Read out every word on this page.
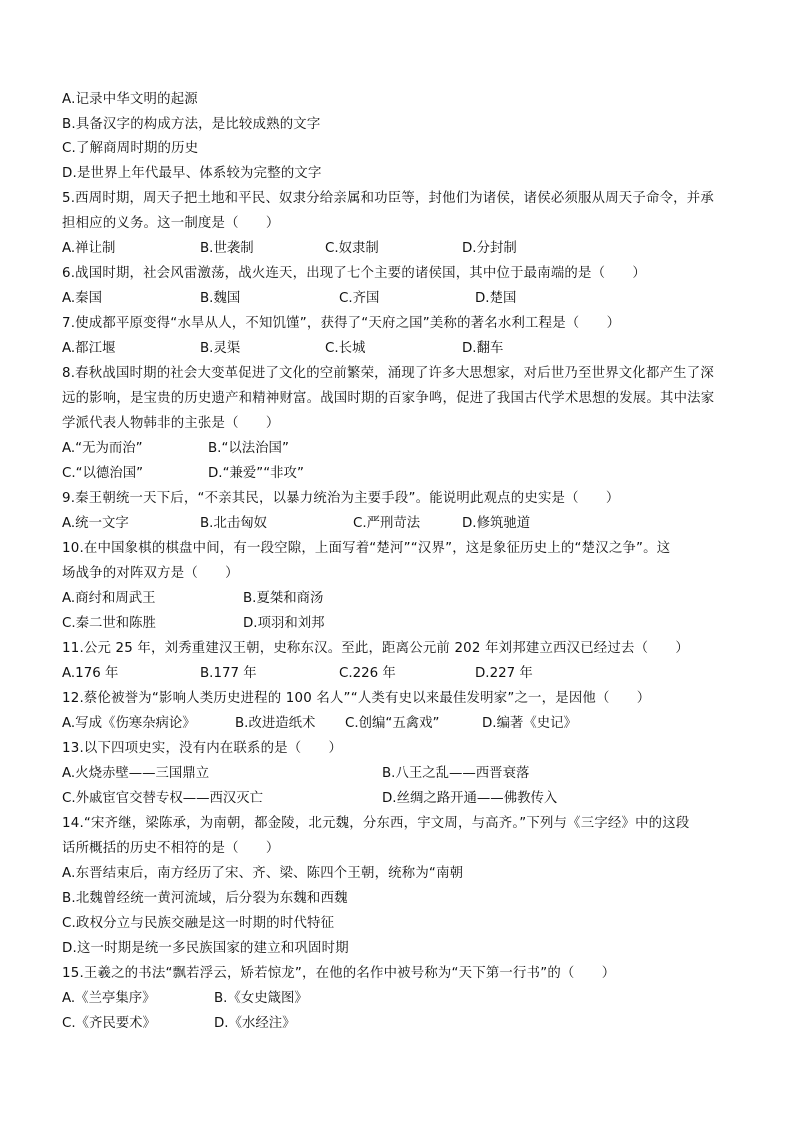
A.记录中华文明的起源
B.具备汉字的构成方法，是比较成熟的文字
C.了解商周时期的历史
D.是世界上年代最早、体系较为完整的文字
5.西周时期，周天子把土地和平民、奴隶分给亲属和功臣等，封他们为诸侯，诸侯必须服从周天子命令，并承
担相应的义务。这一制度是（　　）
A.禅让制	B.世袭制	C.奴隶制	D.分封制
6.战国时期，社会风雷激荡，战火连天，出现了七个主要的诸侯国，其中位于最南端的是（　　）
A.秦国	B.魏国	C.齐国	D.楚国
7.使成都平原变得“水旱从人，不知饥馑”，获得了“天府之国”美称的著名水利工程是（　　）
A.都江堰	B.灵渠	C.长城	D.翻车
8.春秋战国时期的社会大变革促进了文化的空前繁荣，涌现了许多大思想家，对后世乃至世界文化都产生了深
远的影响，是宝贵的历史遗产和精神财富。战国时期的百家争鸣，促进了我国古代学术思想的发展。其中法家
学派代表人物韩非的主张是（　　）
A.“无为而治”	B.“以法治国”
C.“以德治国”	D.“兼爱”“非攻”
9.秦王朝统一天下后，“不亲其民，以暴力统治为主要手段”。能说明此观点的史实是（　　）
A.统一文字	B.北击匈奴	C.严刑苛法	D.修筑驰道
10.在中国象棋的棋盘中间，有一段空隙，上面写着“楚河”“汉界”，这是象征历史上的“楚汉之争”。这
场战争的对阵双方是（　　）
A.商纣和周武王	B.夏桀和商汤
C.秦二世和陈胜	D.项羽和刘邦
11.公元 25 年，刘秀重建汉王朝，史称东汉。至此，距离公元前 202 年刘邦建立西汉已经过去（　　）
A.176 年	B.177 年	C.226 年	D.227 年
12.蔡伦被誉为“影响人类历史进程的 100 名人”“人类有史以来最佳发明家”之一，是因他（　　）
A.写成《伤寒杂病论》	B.改进造纸术 C.创编“五禽戏”	D.编著《史记》
13.以下四项史实，没有内在联系的是（　　）
A.火烧赤壁——三国鼎立	B.八王之乱——西晋衰落
C.外戚宦官交替专权——西汉灭亡	D.丝绸之路开通——佛教传入
14.“宋齐继，梁陈承，为南朝，都金陵，北元魏，分东西，宇文周，与高齐。”下列与《三字经》中的这段
话所概括的历史不相符的是（　　）
A.东晋结束后，南方经历了宋、齐、梁、陈四个王朝，统称为“南朝
B.北魏曾经统一黄河流域，后分裂为东魏和西魏
C.政权分立与民族交融是这一时期的时代特征
D.这一时期是统一多民族国家的建立和巩固时期
15.王羲之的书法“飘若浮云，矫若惊龙”，在他的名作中被号称为“天下第一行书”的（　　）
A.《兰亭集序》	B.《女史箴图》
C.《齐民要术》	D.《水经注》
